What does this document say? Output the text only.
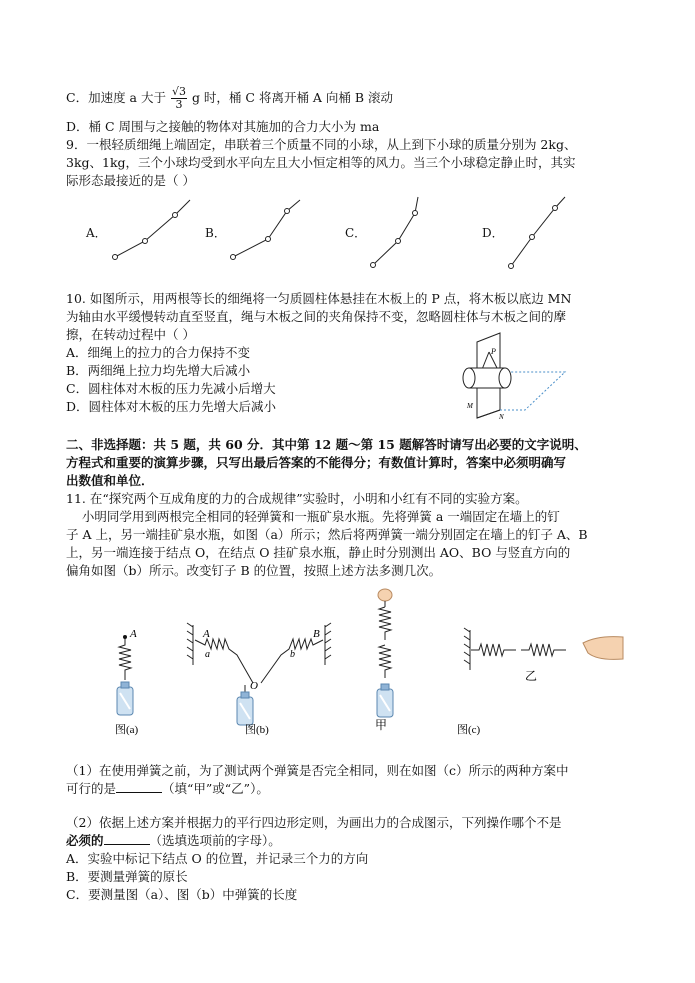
C．加速度 a 大于 $\frac{√3}{3}$ g 时，桶 C 将离开桶 A 向桶 B 滚动
D．桶 C 周围与之接触的物体对其施加的合力大小为 ma
9．一根轻质细绳上端固定，串联着三个质量不同的小球，从上到下小球的质量分别为 2kg、
3kg、1kg，三个小球均受到水平向左且大小恒定相等的风力。当三个小球稳定静止时，其实
际形态最接近的是（ ）
A．	B．	C．	D．
10. 如图所示，用两根等长的细绳将一匀质圆柱体悬挂在木板上的 P 点，将木板以底边 MN
为轴由水平缓慢转动直至竖直，绳与木板之间的夹角保持不变，忽略圆柱体与木板之间的摩
擦，在转动过程中（ ）
A．细绳上的拉力的合力保持不变
B．两细绳上拉力均先增大后减小
C．圆柱体对木板的压力先减小后增大
D．圆柱体对木板的压力先增大后减小
P
M
N
二、非选择题：共 5 题，共 60 分．其中第 12 题～第 15 题解答时请写出必要的文字说明、
方程式和重要的演算步骤，只写出最后答案的不能得分；有数值计算时，答案中必须明确写
出数值和单位．
11. 在“探究两个互成角度的力的合成规律”实验时，小明和小红有不同的实验方案。
小明同学用到两根完全相同的轻弹簧和一瓶矿泉水瓶。先将弹簧 a 一端固定在墙上的钉
子 A 上，另一端挂矿泉水瓶，如图（a）所示；然后将两弹簧一端分别固定在墙上的钉子 A、B
上，另一端连接于结点 O，在结点 O 挂矿泉水瓶，静止时分别测出 AO、BO 与竖直方向的
偏角如图（b）所示。改变钉子 B 的位置，按照上述方法多测几次。
A	A
a
B
b
O
图(b)
图(a)	甲
乙
图(c)
（1）在使用弹簧之前，为了测试两个弹簧是否完全相同，则在如图（c）所示的两种方案中
可行的是	（填“甲”或“乙”）。
（2）依据上述方案并根据力的平行四边形定则，为画出力的合成图示，下列操作哪个不是
必须的	（选填选项前的字母）。
A．实验中标记下结点 O 的位置，并记录三个力的方向
B．要测量弹簧的原长
C．要测量图（a）、图（b）中弹簧的长度
